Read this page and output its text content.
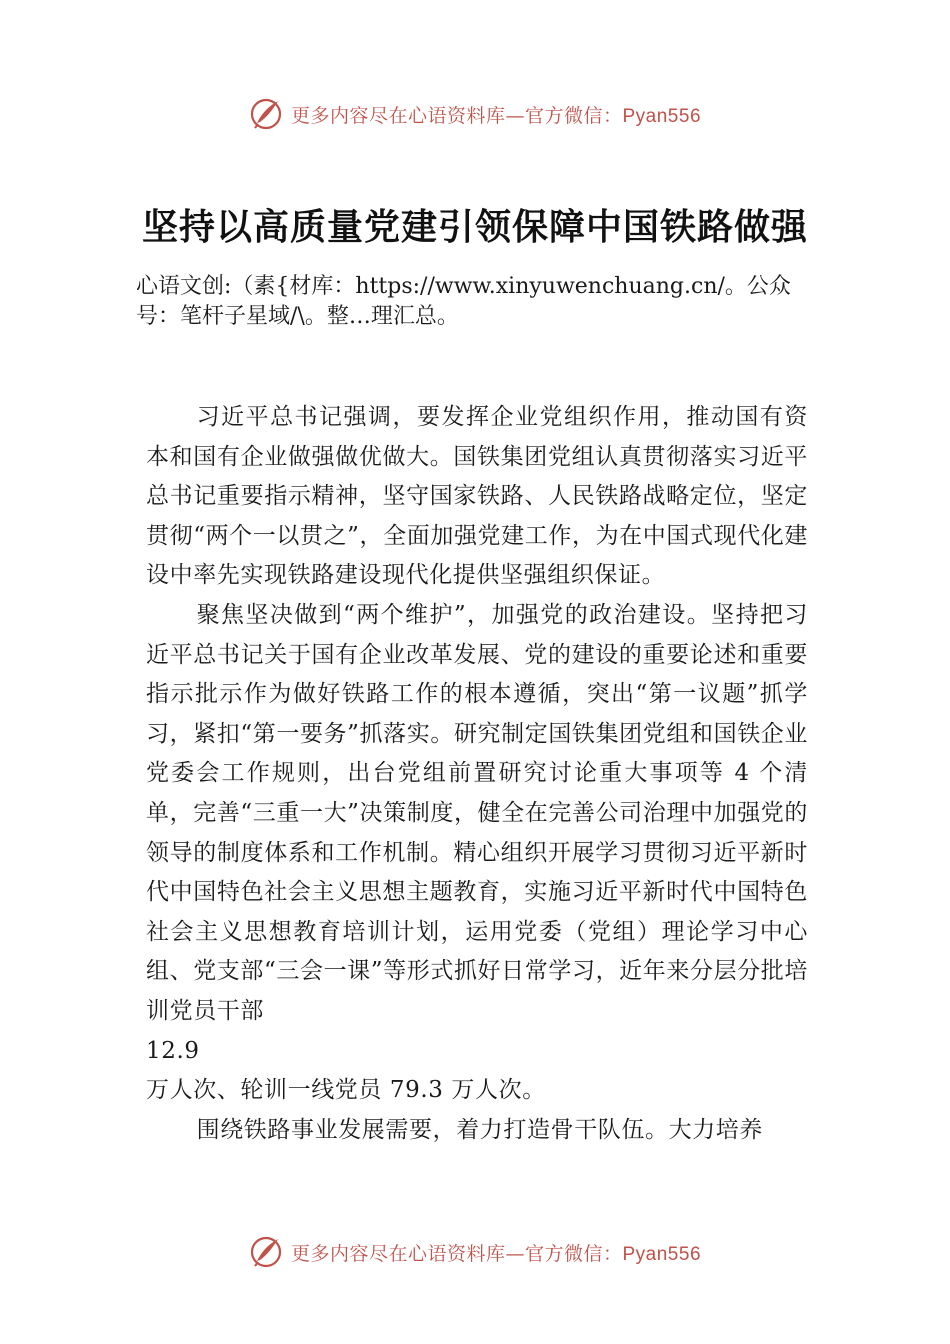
更多内容尽在心语资料库—官方微信：Pyan556
坚持以高质量党建引领保障中国铁路做强

心语文创:（素{材库：https://www.xinyuwenchuang.cn/。公众号：笔杆子星域/\。整…理汇总。

习近平总书记强调，要发挥企业党组织作用，推动国有资本和国有企业做强做优做大。国铁集团党组认真贯彻落实习近平总书记重要指示精神，坚守国家铁路、人民铁路战略定位，坚定贯彻“两个一以贯之”，全面加强党建工作，为在中国式现代化建设中率先实现铁路建设现代化提供坚强组织保证。

聚焦坚决做到“两个维护”，加强党的政治建设。坚持把习近平总书记关于国有企业改革发展、党的建设的重要论述和重要指示批示作为做好铁路工作的根本遵循，突出“第一议题”抓学习，紧扣“第一要务”抓落实。研究制定国铁集团党组和国铁企业党委会工作规则，出台党组前置研究讨论重大事项等 4 个清单，完善“三重一大”决策制度，健全在完善公司治理中加强党的领导的制度体系和工作机制。精心组织开展学习贯彻习近平新时代中国特色社会主义思想主题教育，实施习近平新时代中国特色社会主义思想教育培训计划，运用党委（党组）理论学习中心组、党支部“三会一课”等形式抓好日常学习，近年来分层分批培训党员干部

12.9

万人次、轮训一线党员 79.3 万人次。

围绕铁路事业发展需要，着力打造骨干队伍。大力培养

更多内容尽在心语资料库—官方微信：Pyan556
